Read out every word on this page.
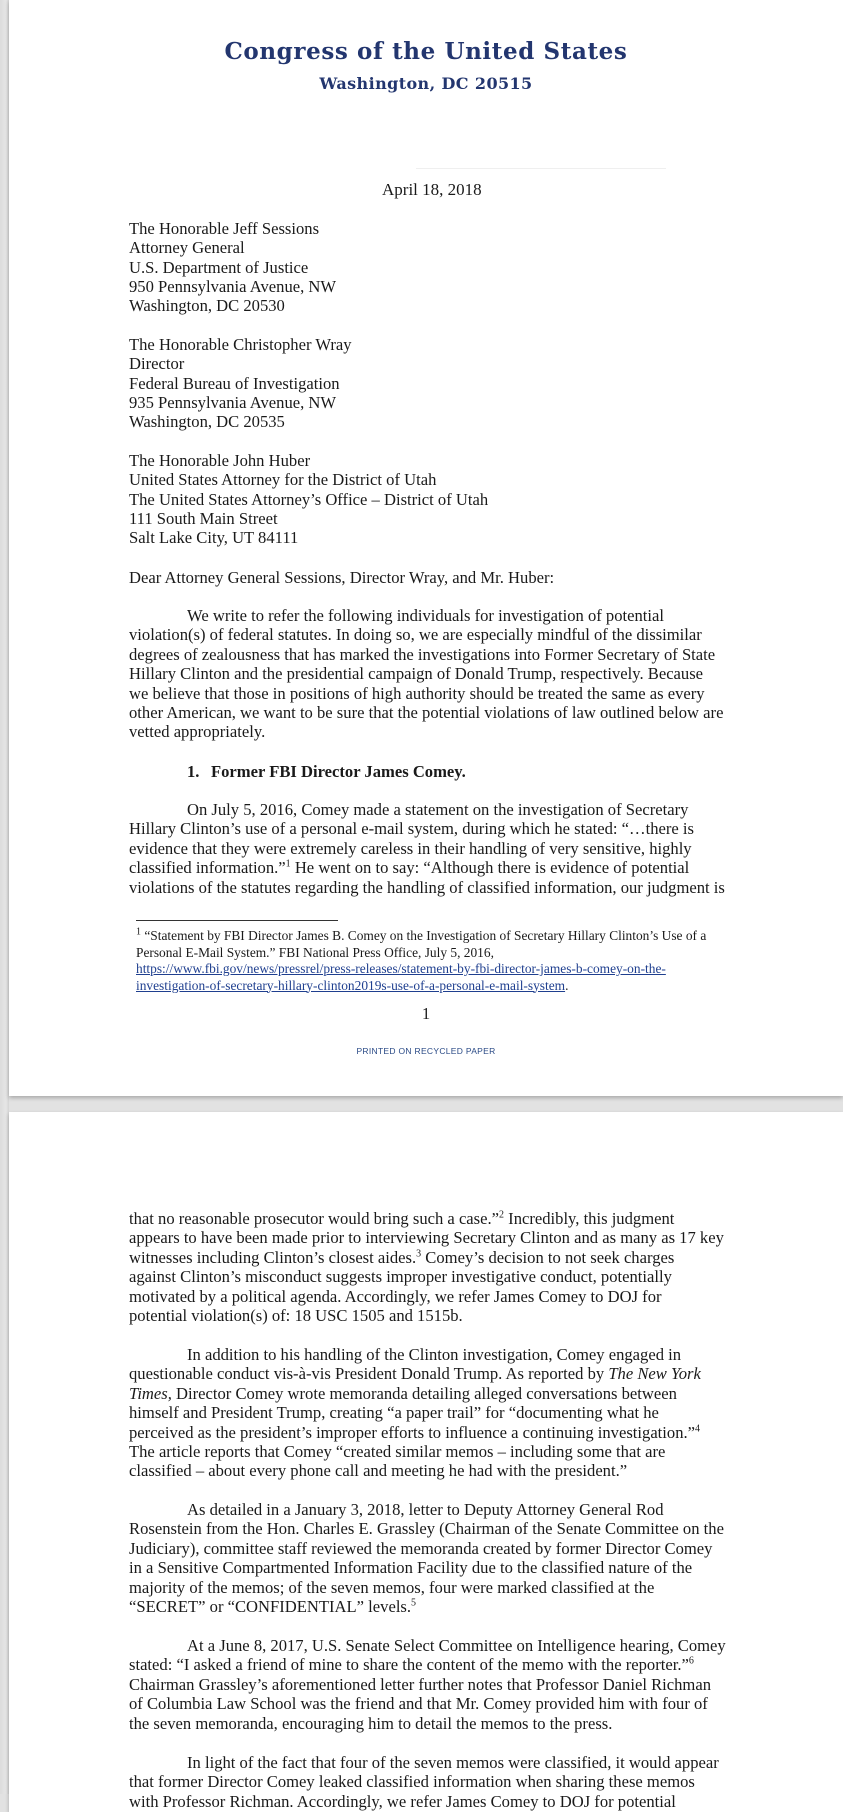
Congress of the United States
Washington, DC 20515
April 18, 2018
The Honorable Jeff Sessions
Attorney General
U.S. Department of Justice
950 Pennsylvania Avenue, NW
Washington, DC 20530
The Honorable Christopher Wray
Director
Federal Bureau of Investigation
935 Pennsylvania Avenue, NW
Washington, DC 20535
The Honorable John Huber
United States Attorney for the District of Utah
The United States Attorney’s Office – District of Utah
111 South Main Street
Salt Lake City, UT 84111
Dear Attorney General Sessions, Director Wray, and Mr. Huber:
We write to refer the following individuals for investigation of potential
violation(s) of federal statutes. In doing so, we are especially mindful of the dissimilar
degrees of zealousness that has marked the investigations into Former Secretary of State
Hillary Clinton and the presidential campaign of Donald Trump, respectively. Because
we believe that those in positions of high authority should be treated the same as every
other American, we want to be sure that the potential violations of law outlined below are
vetted appropriately.
1. Former FBI Director James Comey.
On July 5, 2016, Comey made a statement on the investigation of Secretary
Hillary Clinton’s use of a personal e-mail system, during which he stated: “…there is
evidence that they were extremely careless in their handling of very sensitive, highly
classified information.”$^1$ He went on to say: “Although there is evidence of potential
violations of the statutes regarding the handling of classified information, our judgment is
$^1$ “Statement by FBI Director James B. Comey on the Investigation of Secretary Hillary Clinton’s Use of a
Personal E-Mail System.” FBI National Press Office, July 5, 2016,
https://www.fbi.gov/news/pressrel/press-releases/statement-by-fbi-director-james-b-comey-on-the-
investigation-of-secretary-hillary-clinton2019s-use-of-a-personal-e-mail-system.
1
PRINTED ON RECYCLED PAPER
that no reasonable prosecutor would bring such a case.”$^2$ Incredibly, this judgment
appears to have been made prior to interviewing Secretary Clinton and as many as 17 key
witnesses including Clinton’s closest aides.$^3$ Comey’s decision to not seek charges
against Clinton’s misconduct suggests improper investigative conduct, potentially
motivated by a political agenda. Accordingly, we refer James Comey to DOJ for
potential violation(s) of: 18 USC 1505 and 1515b.
In addition to his handling of the Clinton investigation, Comey engaged in
questionable conduct vis-à-vis President Donald Trump. As reported by The New York
Times, Director Comey wrote memoranda detailing alleged conversations between
himself and President Trump, creating “a paper trail” for “documenting what he
perceived as the president’s improper efforts to influence a continuing investigation.”$^4$
The article reports that Comey “created similar memos – including some that are
classified – about every phone call and meeting he had with the president.”
As detailed in a January 3, 2018, letter to Deputy Attorney General Rod
Rosenstein from the Hon. Charles E. Grassley (Chairman of the Senate Committee on the
Judiciary), committee staff reviewed the memoranda created by former Director Comey
in a Sensitive Compartmented Information Facility due to the classified nature of the
majority of the memos; of the seven memos, four were marked classified at the
“SECRET” or “CONFIDENTIAL” levels.$^5$
At a June 8, 2017, U.S. Senate Select Committee on Intelligence hearing, Comey
stated: “I asked a friend of mine to share the content of the memo with the reporter.”$^6$
Chairman Grassley’s aforementioned letter further notes that Professor Daniel Richman
of Columbia Law School was the friend and that Mr. Comey provided him with four of
the seven memoranda, encouraging him to detail the memos to the press.
In light of the fact that four of the seven memos were classified, it would appear
that former Director Comey leaked classified information when sharing these memos
with Professor Richman. Accordingly, we refer James Comey to DOJ for potential
